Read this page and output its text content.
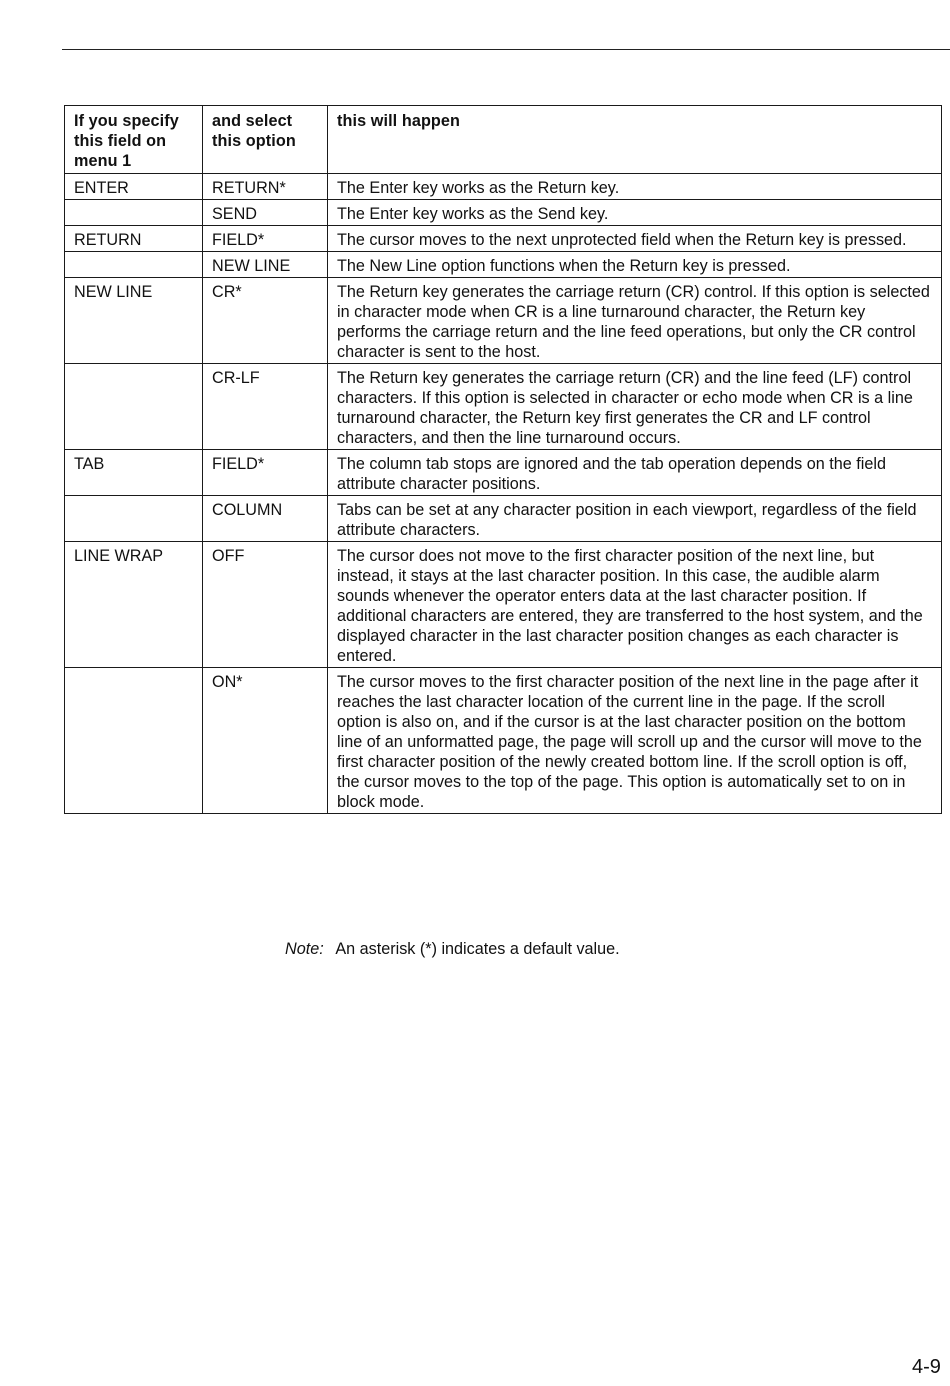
If you specify this field on menu 1	and select this option	this will happen
ENTER	RETURN*	The Enter key works as the Return key.
	SEND	The Enter key works as the Send key.
RETURN	FIELD*	The cursor moves to the next unprotected field when the Return key is pressed.
	NEW LINE	The New Line option functions when the Return key is pressed.
NEW LINE	CR*	The Return key generates the carriage return (CR) control. If this option is selected in character mode when CR is a line turnaround character, the Return key performs the carriage return and the line feed operations, but only the CR control character is sent to the host.
	CR-LF	The Return key generates the carriage return (CR) and the line feed (LF) control characters. If this option is selected in character or echo mode when CR is a line turnaround character, the Return key first generates the CR and LF control characters, and then the line turnaround occurs.
TAB	FIELD*	The column tab stops are ignored and the tab operation depends on the field attribute character positions.
	COLUMN	Tabs can be set at any character position in each viewport, regardless of the field attribute characters.
LINE WRAP	OFF	The cursor does not move to the first character position of the next line, but instead, it stays at the last character position. In this case, the audible alarm sounds whenever the operator enters data at the last character position. If additional characters are entered, they are transferred to the host system, and the displayed character in the last character position changes as each character is entered.
	ON*	The cursor moves to the first character position of the next line in the page after it reaches the last character location of the current line in the page. If the scroll option is also on, and if the cursor is at the last character position on the bottom line of an unformatted page, the page will scroll up and the cursor will move to the first character position of the newly created bottom line. If the scroll option is off, the cursor moves to the top of the page. This option is automatically set to on in block mode.
Note: An asterisk (*) indicates a default value.
4-9
